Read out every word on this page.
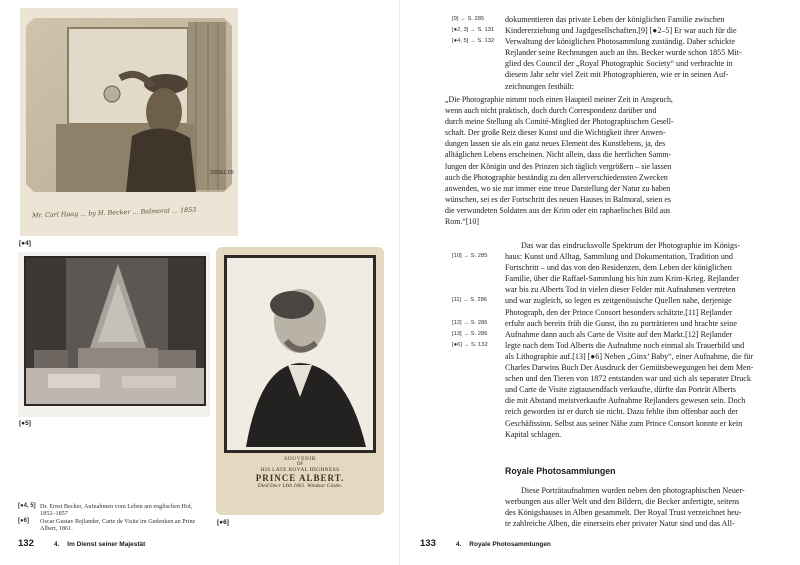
29DEC05
Mr. Carl Haag ... by H. Becker ... Balmoral ... 1853
[●4]
[●5]
SOUVENIR
OF
HIS LATE ROYAL HIGHNESS
PRINCE ALBERT.
Died Decr 14th 1861. Windsor Castle.
[●6]
[●4, 5] Dr. Ernst Becker, Aufnahmen vom Leben am englischen Hof, 1852–1857
[●6]	Oscar Gustav Rejlander, Carte de Visite im Gedenken an Prinz Albert, 1861.
132	4. Im Dienst seiner Majestät
[9] → S. 285
[●2, 3] → S. 131
[●4, 5] → S. 132
dokumentieren das private Leben der königlichen Familie zwischen
Kindererziehung und Jagdgesellschaften.[9] [●2–5] Er war auch für die
Verwaltung der königlichen Photosammlung zuständig. Daher schickte
Rejlander seine Rechnungen auch an ihn. Becker wurde schon 1855 Mit-
glied des Council der „Royal Photographic Society“ und verbrachte in
diesem Jahr sehr viel Zeit mit Photographieren, wie er in seinen Auf-
zeichnungen festhält:
„Die Photographie nimmt noch einen Haupteil meiner Zeit in Anspruch,
wenn auch nicht praktisch, doch durch Correspondenz darüber und
durch meine Stellung als Comité-Mitglied der Photographischen Gesell-
schaft. Der große Reiz dieser Kunst und die Wichtigkeit ihrer Anwen-
dungen lassen sie als ein ganz neues Element des Kunstlebens, ja, des
alltäglichen Lebens erscheinen. Nicht allein, dass die herrlichen Samm-
lungen der Königin und des Prinzen sich täglich vergrößern – sie lassen
auch die Photographie beständig zu den allerverschiedensten Zwecken
anwenden, wo sie nur immer eine treue Darstellung der Natur zu haben
wünschen, sei es der Fortschritt des neuen Hauses in Balmoral, seien es
die verwundeten Soldaten aus der Krim oder ein raphaelisches Bild aus
Rom.“[10]
[10] → S. 285
[11] → S. 286
[12] → S. 286
[13] → S. 286
[●6] → S. 132
Das war das eindrucksvolle Spektrum der Photographie im Königs-
haus: Kunst und Alltag, Sammlung und Dokumentation, Tradition und
Fortschritt – und das von den Residenzen, dem Leben der königlichen
Familie, über die Raffael-Sammlung bis hin zum Krim-Krieg. Rejlander
war bis zu Alberts Tod in vielen dieser Felder mit Aufnahmen vertreten
und war zugleich, so legen es zeitgenössische Quellen nahe, derjenige
Photograph, den der Prince Consort besonders schätzte.[11] Rejlander
erfuhr auch bereits früh die Gunst, ihn zu porträtieren und brachte seine
Aufnahme dann auch als Carte de Visite auf den Markt.[12] Rejlander
legte nach dem Tod Alberts die Aufnahme noch einmal als Trauerbild und
als Lithographie auf.[13] [●6] Neben „Ginx’ Baby“, einer Aufnahme, die für
Charles Darwins Buch Der Ausdruck der Gemütsbewegungen bei dem Men-
schen und den Tieren von 1872 entstanden war und sich als separater Druck
und Carte de Visite zigtausendfach verkaufte, dürfte das Porträt Alberts
die mit Abstand meistverkaufte Aufnahme Rejlanders gewesen sein. Doch
reich geworden ist er durch sie nicht. Dazu fehlte ihm offenbar auch der
Geschäftssinn. Selbst aus seiner Nähe zum Prince Consort konnte er kein
Kapital schlagen.
Royale Photosammlungen
Diese Porträtaufnahmen wurden neben den photographischen Neuer-
werbungen aus aller Welt und den Bildern, die Becker anfertigte, seitens
des Königshauses in Alben gesammelt. Der Royal Trust verzeichnet heu-
te zahlreiche Alben, die einerseits eher privater Natur sind und das All-
133	4. Royale Photosammlungen
